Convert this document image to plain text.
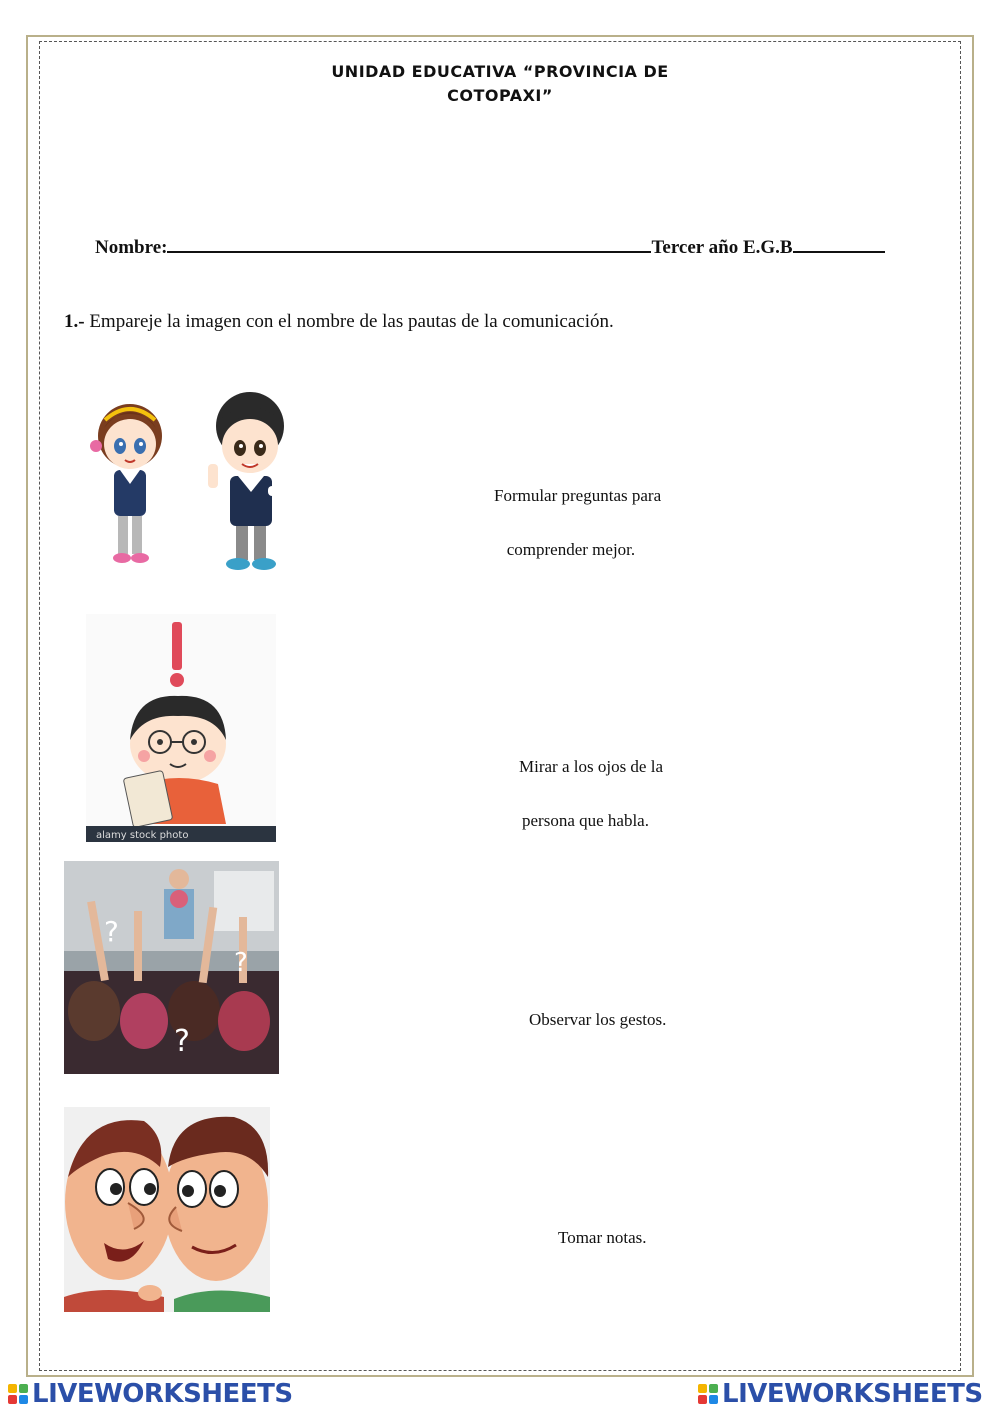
UNIDAD EDUCATIVA “PROVINCIA DE
COTOPAXI”
Nombre:	Tercer año E.G.B
1.- Empareje la imagen con el nombre de las pautas de la comunicación.
alamy stock photo
?
?
?

Formular preguntas para

comprender mejor.

Mirar a los ojos de la

persona que habla.

Observar los gestos.

Tomar notas.

LIVEWORKSHEETS	LIVEWORKSHEETS
